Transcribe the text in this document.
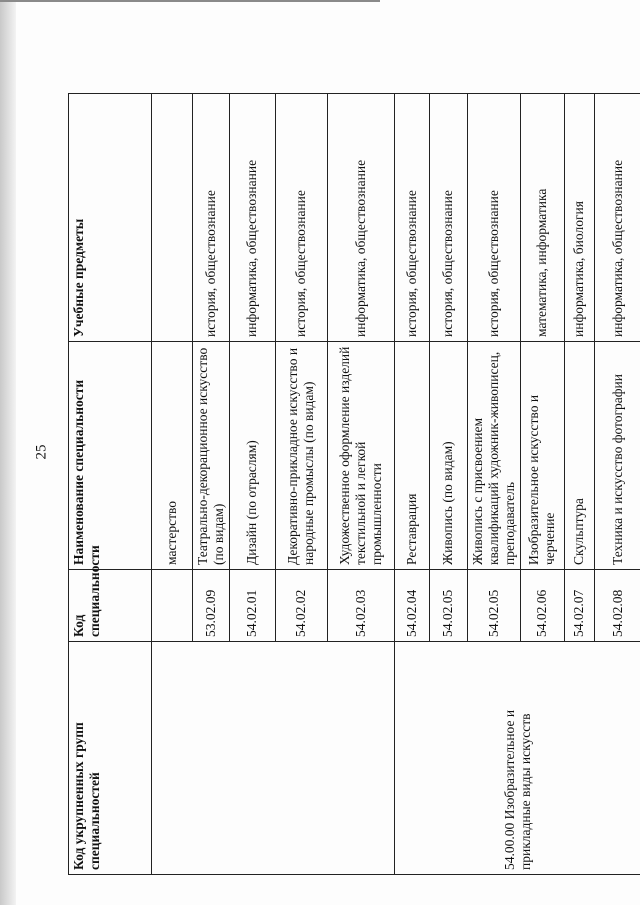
25
Код укрупненных групп специальностей	Код специальности	Наименование специальности	Учебные предметы
		мастерство	
	53.02.09	Театрально-декорационное искусство (по видам)	история, обществознание
	54.02.01	Дизайн (по отраслям)	информатика, обществознание
	54.02.02	Декоративно-прикладное искусство и народные промыслы (по видам)	история, обществознание
	54.02.03	Художественное оформление изделий текстильной и легкой промышленности	информатика, обществознание
54.00.00 Изобразительное и прикладные виды искусств	54.02.04	Реставрация	история, обществознание
	54.02.05	Живопись (по видам)	история, обществознание
	54.02.05	Живопись с присвоением квалификаций художник-живописец, преподаватель	история, обществознание
	54.02.06	Изобразительное искусство и черчение	математика, информатика
	54.02.07	Скульптура	информатика, биология
	54.02.08	Техника и искусство фотографии	информатика, обществознание
